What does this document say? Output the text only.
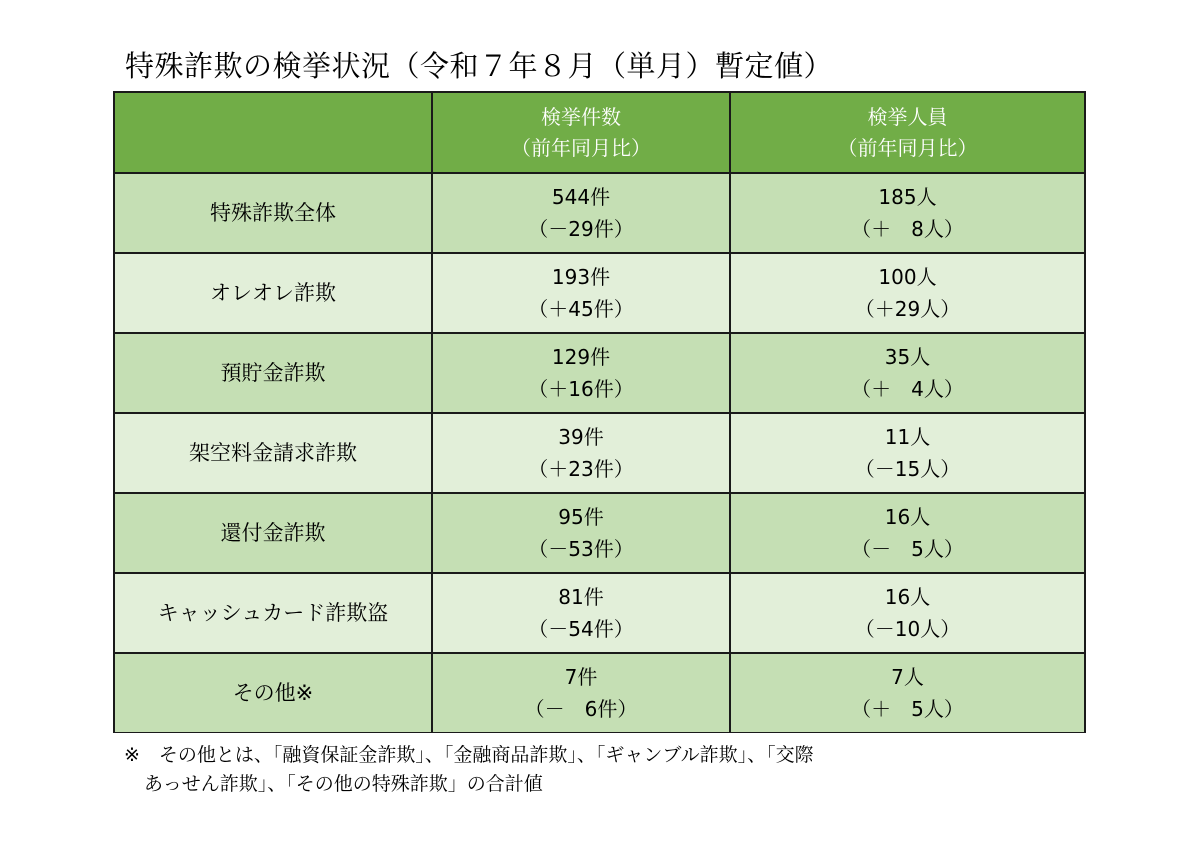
特殊詐欺の検挙状況（令和７年８月（単月）暫定値）
検挙件数
（前年同月比）
検挙人員
（前年同月比）
特殊詐欺全体
544件
（－29件）
185人
（＋　8人）
オレオレ詐欺
193件
（＋45件）
100人
（＋29人）
預貯金詐欺
129件
（＋16件）
35人
（＋　4人）
架空料金請求詐欺
39件
（＋23件）
11人
（－15人）
還付金詐欺
95件
（－53件）
16人
（－　5人）
キャッシュカード詐欺盗
81件
（－54件）
16人
（－10人）
その他※
7件
（－　6件）
7人
（＋　5人）
※　その他とは、「融資保証金詐欺」、「金融商品詐欺」、「ギャンブル詐欺」、「交際
あっせん詐欺」、「その他の特殊詐欺」の合計値
